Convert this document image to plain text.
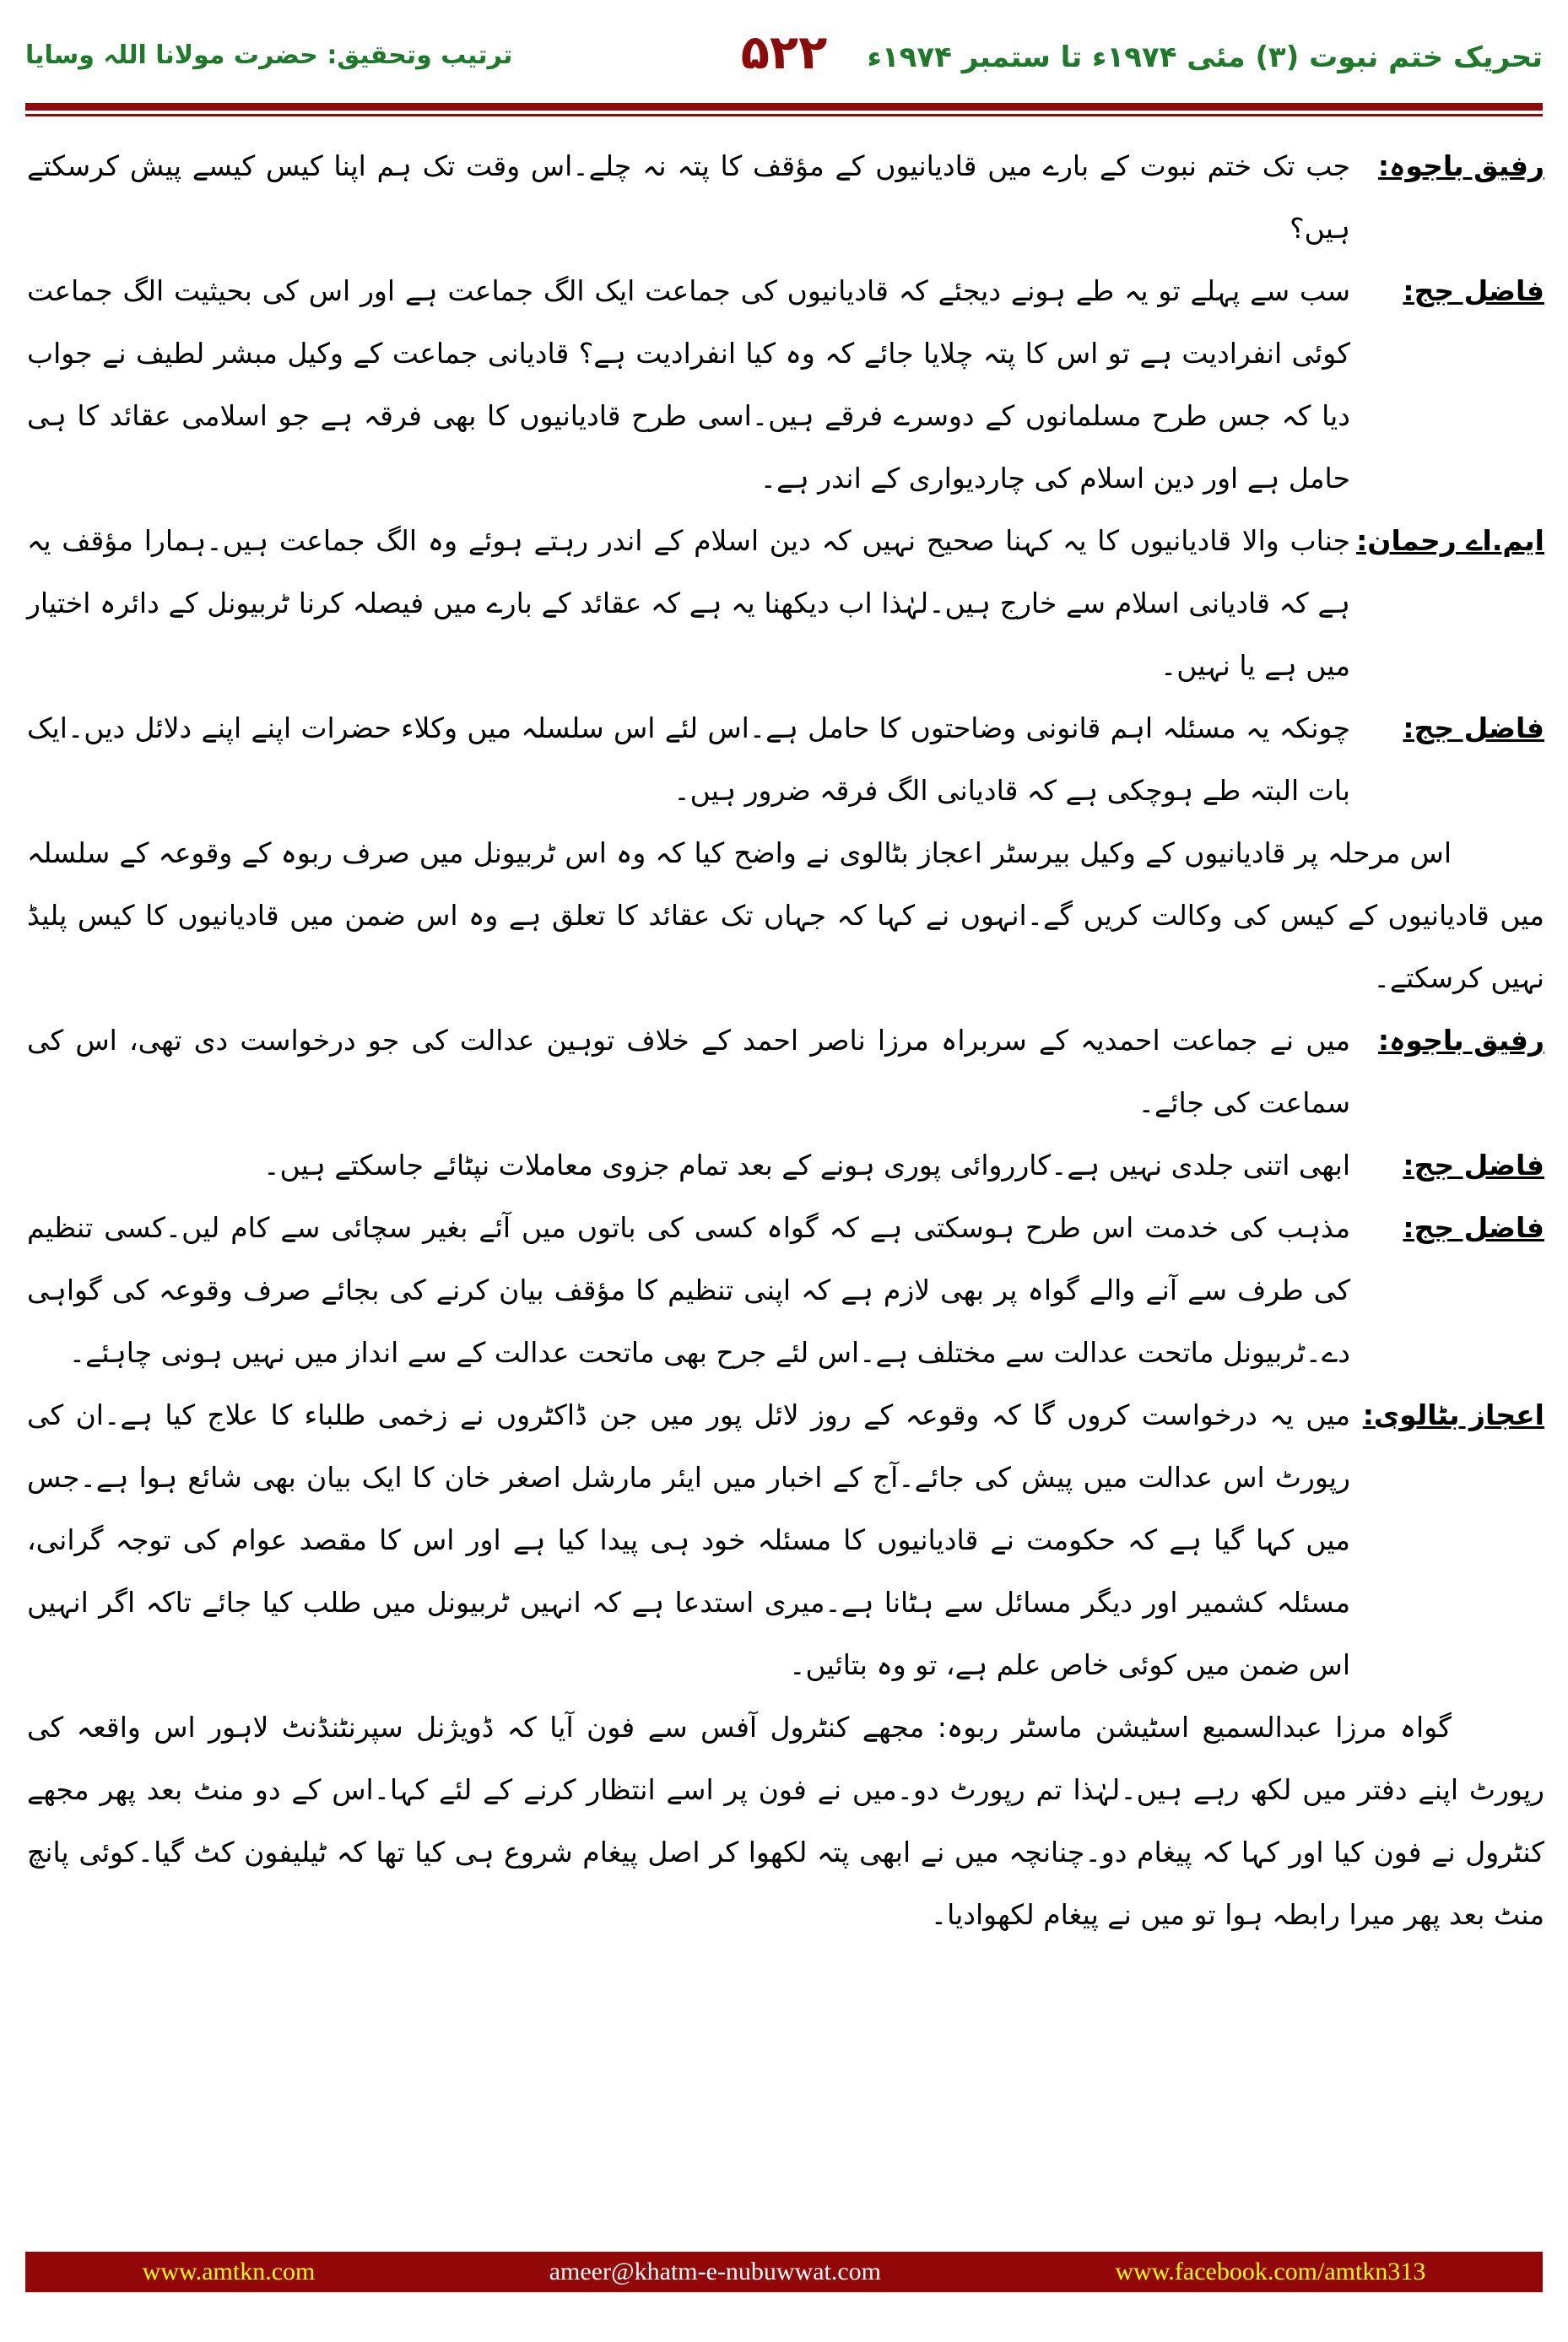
تحریک ختم نبوت (۳) مئی ۱۹۷۴ء تا ستمبر ۱۹۷۴ء
۵۲۲
ترتیب وتحقیق: حضرت مولانا اللہ وسایا
رفیق باجوہ:
جب تک ختم نبوت کے بارے میں قادیانیوں کے مؤقف کا پتہ نہ چلے۔اس وقت تک ہم اپنا کیس کیسے پیش کرسکتے ہیں؟
فاضل جج:
سب سے پہلے تو یہ طے ہونے دیجئے کہ قادیانیوں کی جماعت ایک الگ جماعت ہے اور اس کی بحیثیت الگ جماعت کوئی انفرادیت ہے تو اس کا پتہ چلایا جائے کہ وہ کیا انفرادیت ہے؟ قادیانی جماعت کے وکیل مبشر لطیف نے جواب دیا کہ جس طرح مسلمانوں کے دوسرے فرقے ہیں۔اسی طرح قادیانیوں کا بھی فرقہ ہے جو اسلامی عقائد کا ہی حامل ہے اور دین اسلام کی چاردیواری کے اندر ہے۔
ایم.اے رحمان:
جناب والا قادیانیوں کا یہ کہنا صحیح نہیں کہ دین اسلام کے اندر رہتے ہوئے وہ الگ جماعت ہیں۔ہمارا مؤقف یہ ہے کہ قادیانی اسلام سے خارج ہیں۔لہٰذا اب دیکھنا یہ ہے کہ عقائد کے بارے میں فیصلہ کرنا ٹربیونل کے دائرہ اختیار میں ہے یا نہیں۔
فاضل جج:
چونکہ یہ مسئلہ اہم قانونی وضاحتوں کا حامل ہے۔اس لئے اس سلسلہ میں وکلاء حضرات اپنے اپنے دلائل دیں۔ایک بات البتہ طے ہوچکی ہے کہ قادیانی الگ فرقہ ضرور ہیں۔
اس مرحلہ پر قادیانیوں کے وکیل بیرسٹر اعجاز بٹالوی نے واضح کیا کہ وہ اس ٹربیونل میں صرف ربوہ کے وقوعہ کے سلسلہ میں قادیانیوں کے کیس کی وکالت کریں گے۔انہوں نے کہا کہ جہاں تک عقائد کا تعلق ہے وہ اس ضمن میں قادیانیوں کا کیس پلیڈ نہیں کرسکتے۔
رفیق باجوہ:
میں نے جماعت احمدیہ کے سربراہ مرزا ناصر احمد کے خلاف توہین عدالت کی جو درخواست دی تھی، اس کی سماعت کی جائے۔
فاضل جج:
ابھی اتنی جلدی نہیں ہے۔کارروائی پوری ہونے کے بعد تمام جزوی معاملات نپٹائے جاسکتے ہیں۔
فاضل جج:
مذہب کی خدمت اس طرح ہوسکتی ہے کہ گواہ کسی کی باتوں میں آئے بغیر سچائی سے کام لیں۔کسی تنظیم کی طرف سے آنے والے گواہ پر بھی لازم ہے کہ اپنی تنظیم کا مؤقف بیان کرنے کی بجائے صرف وقوعہ کی گواہی دے۔ٹربیونل ماتحت عدالت سے مختلف ہے۔اس لئے جرح بھی ماتحت عدالت کے سے انداز میں نہیں ہونی چاہئے۔
اعجاز بٹالوی:
میں یہ درخواست کروں گا کہ وقوعہ کے روز لائل پور میں جن ڈاکٹروں نے زخمی طلباء کا علاج کیا ہے۔ان کی رپورٹ اس عدالت میں پیش کی جائے۔آج کے اخبار میں ایئر مارشل اصغر خان کا ایک بیان بھی شائع ہوا ہے۔جس میں کہا گیا ہے کہ حکومت نے قادیانیوں کا مسئلہ خود ہی پیدا کیا ہے اور اس کا مقصد عوام کی توجہ گرانی، مسئلہ کشمیر اور دیگر مسائل سے ہٹانا ہے۔میری استدعا ہے کہ انہیں ٹربیونل میں طلب کیا جائے تاکہ اگر انہیں اس ضمن میں کوئی خاص علم ہے، تو وہ بتائیں۔
گواہ مرزا عبدالسمیع اسٹیشن ماسٹر ربوہ: مجھے کنٹرول آفس سے فون آیا کہ ڈویژنل سپرنٹنڈنٹ لاہور اس واقعہ کی رپورٹ اپنے دفتر میں لکھ رہے ہیں۔لہٰذا تم رپورٹ دو۔میں نے فون پر اسے انتظار کرنے کے لئے کہا۔اس کے دو منٹ بعد پھر مجھے کنٹرول نے فون کیا اور کہا کہ پیغام دو۔چنانچہ میں نے ابھی پتہ لکھوا کر اصل پیغام شروع ہی کیا تھا کہ ٹیلیفون کٹ گیا۔کوئی پانچ منٹ بعد پھر میرا رابطہ ہوا تو میں نے پیغام لکھوادیا۔
www.amtkn.com	ameer@khatm-e-nubuwwat.com	www.facebook.com/amtkn313
